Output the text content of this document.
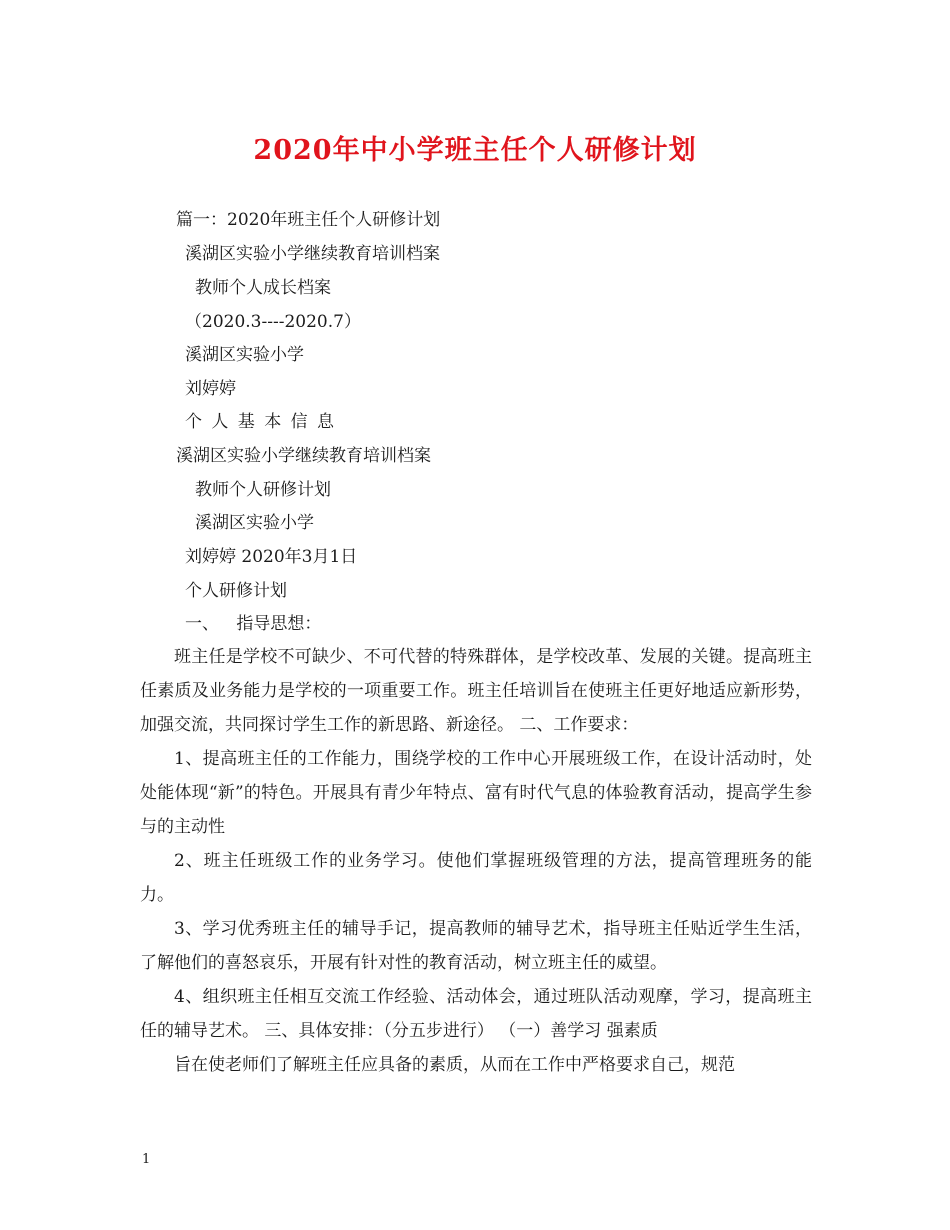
2020年中小学班主任个人研修计划
篇一：2020年班主任个人研修计划
溪湖区实验小学继续教育培训档案
教师个人成长档案
（2020.3----2020.7）
溪湖区实验小学
刘婷婷
个 人 基 本 信 息
溪湖区实验小学继续教育培训档案
教师个人研修计划
溪湖区实验小学
刘婷婷 2020年3月1日
个人研修计划
一、 指导思想：

班主任是学校不可缺少、不可代替的特殊群体，是学校改革、发展的关键。提高班主任素质及业务能力是学校的一项重要工作。班主任培训旨在使班主任更好地适应新形势，加强交流，共同探讨学生工作的新思路、新途径。 二、工作要求：

1、提高班主任的工作能力，围绕学校的工作中心开展班级工作，在设计活动时，处处能体现“新”的特色。开展具有青少年特点、富有时代气息的体验教育活动，提高学生参与的主动性

2、班主任班级工作的业务学习。使他们掌握班级管理的方法，提高管理班务的能力。

3、学习优秀班主任的辅导手记，提高教师的辅导艺术，指导班主任贴近学生生活，了解他们的喜怒哀乐，开展有针对性的教育活动，树立班主任的威望。

4、组织班主任相互交流工作经验、活动体会，通过班队活动观摩，学习，提高班主任的辅导艺术。 三、具体安排：（分五步进行） （一）善学习 强素质

旨在使老师们了解班主任应具备的素质，从而在工作中严格要求自己，规范

1
